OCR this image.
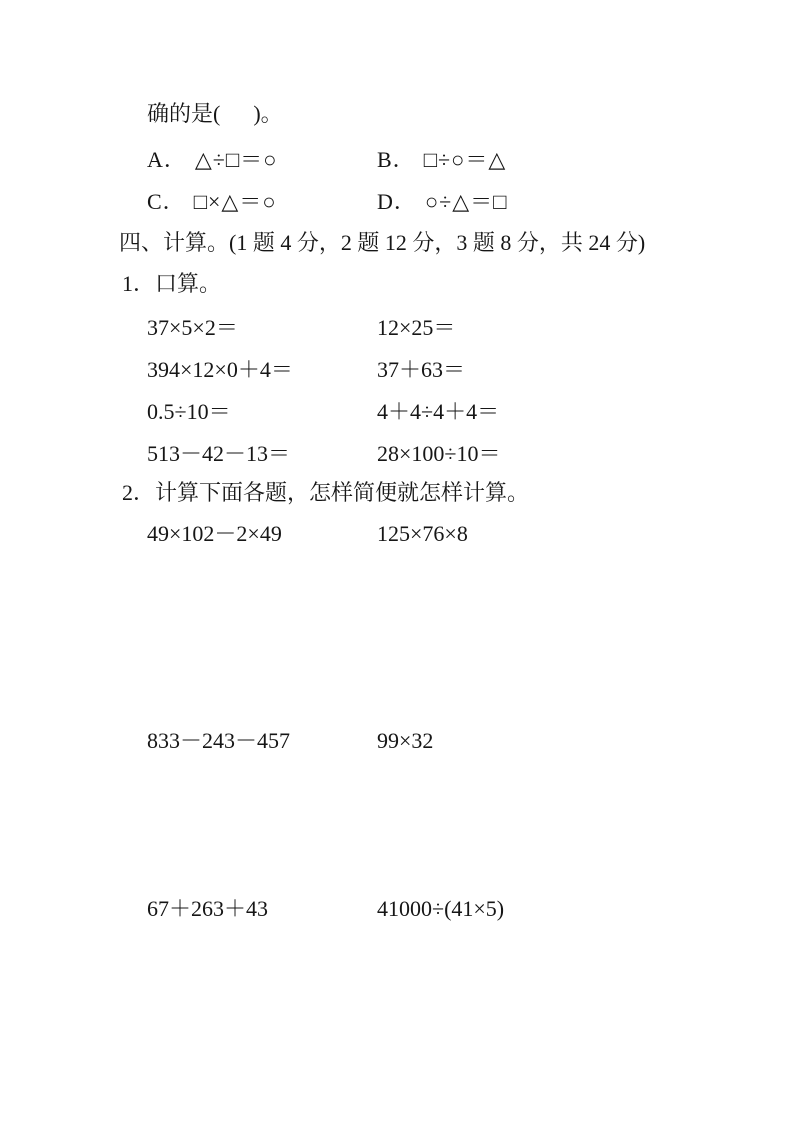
确的是(      )。
A． △÷□＝○	B． □÷○＝△
C． □×△＝○	D． ○÷△＝□
四、计算。(1 题 4 分，2 题 12 分，3 题 8 分，共 24 分)
1．口算。
37×5×2＝	12×25＝
394×12×0＋4＝	37＋63＝
0.5÷10＝	4＋4÷4＋4＝
513－42－13＝	28×100÷10＝
2．计算下面各题，怎样简便就怎样计算。
49×102－2×49	125×76×8
833－243－457	99×32
67＋263＋43	41000÷(41×5)
